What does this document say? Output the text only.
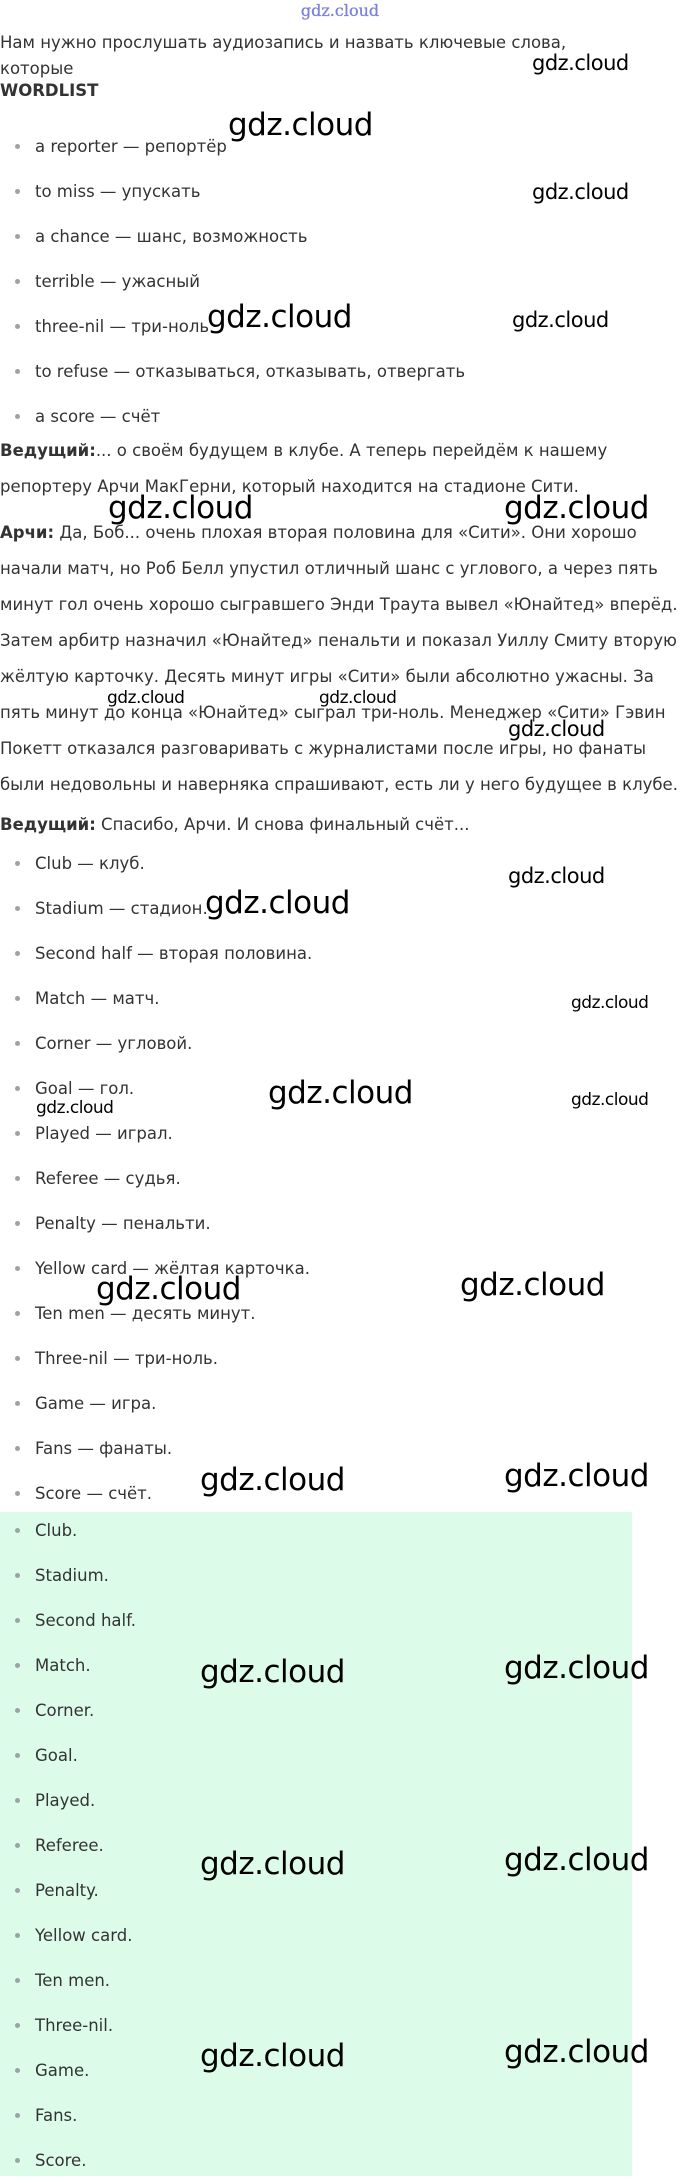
gdz.cloud
Нам нужно прослушать аудиозапись и назвать ключевые слова, которые
WORDLIST
a reporter — репортёр
to miss — упускать
a chance — шанс, возможность
terrible — ужасный
three-nil — три-ноль
to refuse — отказываться, отказывать, отвергать
a score — счёт

Ведущий:... о своём будущем в клубе. А теперь перейдём к нашему репортеру Арчи МакГерни, который находится на стадионе Сити.

Арчи: Да, Боб... очень плохая вторая половина для «Сити». Они хорошо начали матч, но Роб Белл упустил отличный шанс с углового, а через пять минут гол очень хорошо сыгравшего Энди Траута вывел «Юнайтед» вперёд. Затем арбитр назначил «Юнайтед» пенальти и показал Уиллу Смиту вторую жёлтую карточку. Десять минут игры «Сити» были абсолютно ужасны. За пять минут до конца «Юнайтед» сыграл три-ноль. Менеджер «Сити» Гэвин Покетт отказался разговаривать с журналистами после игры, но фанаты были недовольны и наверняка спрашивают, есть ли у него будущее в клубе.

Ведущий: Спасибо, Арчи. И снова финальный счёт...

Club — клуб.
Stadium — стадион.
Second half — вторая половина.
Match — матч.
Corner — угловой.
Goal — гол.
Played — играл.
Referee — судья.
Penalty — пенальти.
Yellow card — жёлтая карточка.
Ten men — десять минут.
Three-nil — три-ноль.
Game — игра.
Fans — фанаты.
Score — счёт.
Club.
Stadium.
Second half.
Match.
Corner.
Goal.
Played.
Referee.
Penalty.
Yellow card.
Ten men.
Three-nil.
Game.
Fans.
Score.
gdz.cloud
gdz.cloud
gdz.cloud
gdz.cloud	gdz.cloud
gdz.cloud	gdz.cloud
gdz.cloud	gdz.cloud
gdz.cloud
gdz.cloud
gdz.cloud
gdz.cloud
gdz.cloud
gdz.cloud	gdz.cloud
gdz.cloud	gdz.cloud
gdz.cloud	gdz.cloud
gdz.cloud	gdz.cloud
gdz.cloud	gdz.cloud
gdz.cloud	gdz.cloud
